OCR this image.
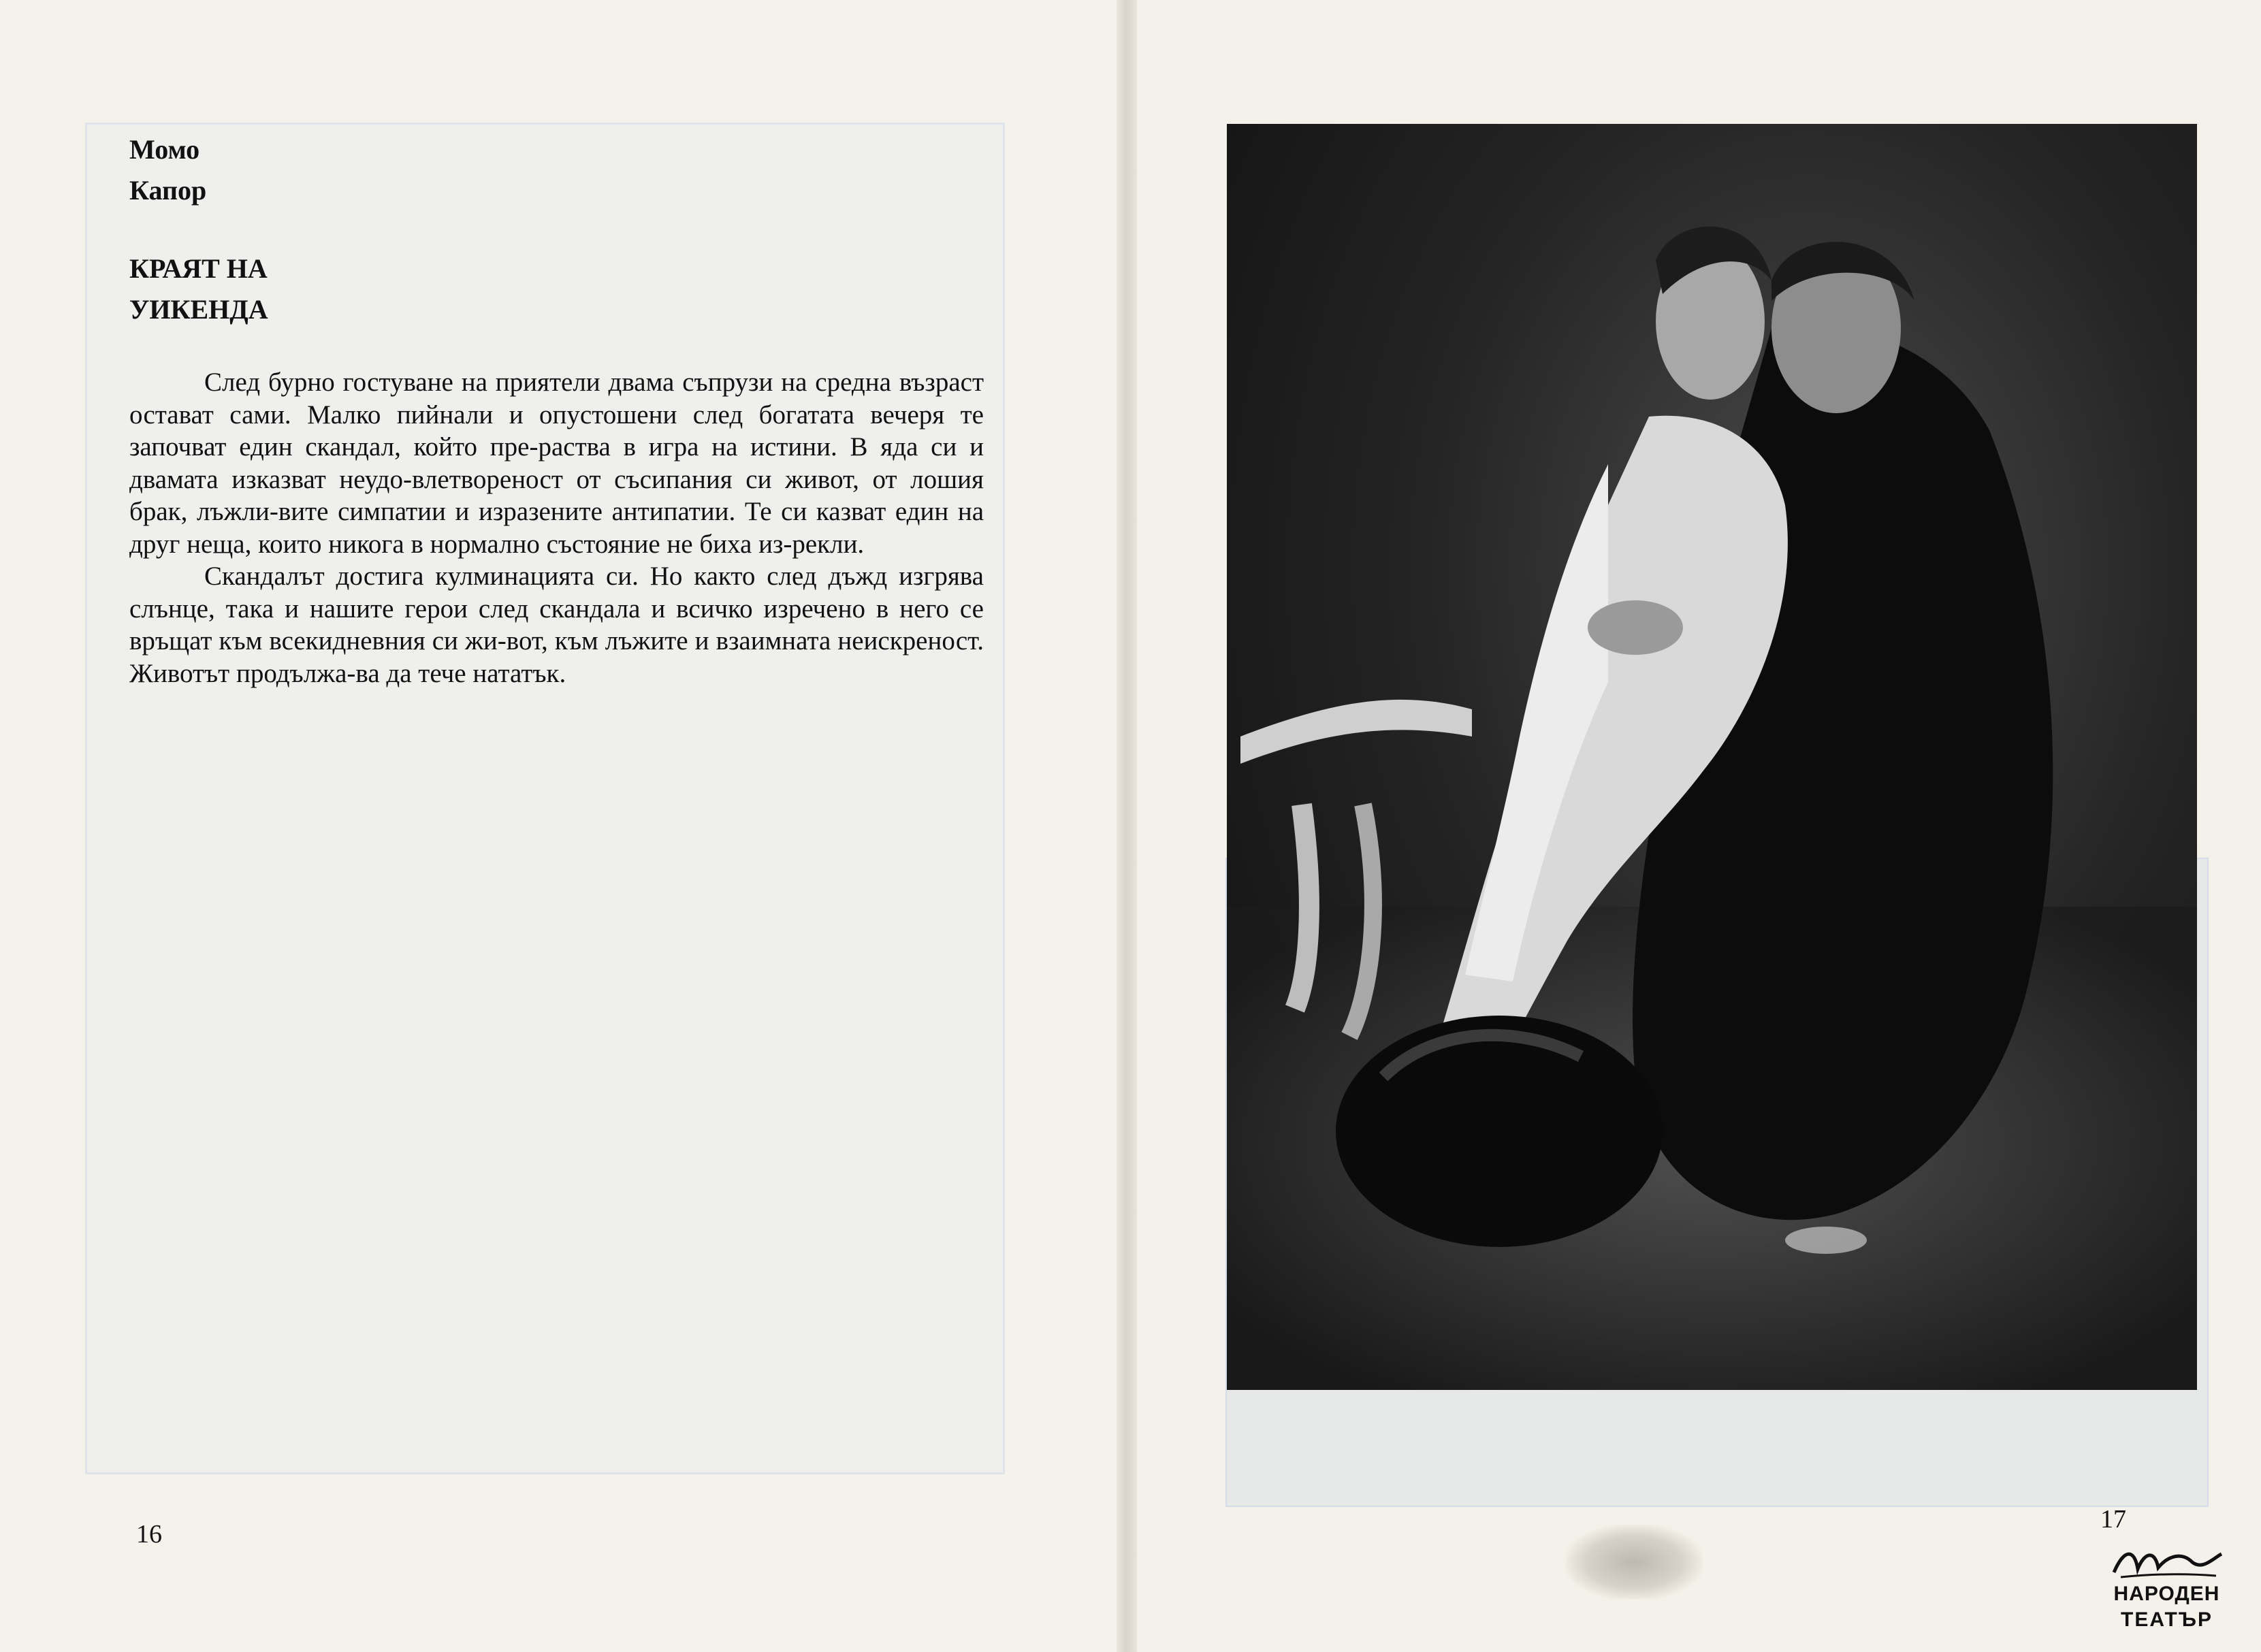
Момо
Капор
КРАЯТ НА
УИКЕНДА

След бурно гостуване на приятели двама съпрузи на средна възраст остават сами. Малко пийнали и опустошени след богатата вечеря те започват един скандал, който пре-раства в игра на истини. В яда си и двамата изказват неудо-влетвореност от съсипания си живот, от лошия брак, лъжли-вите симпатии и изразените антипатии. Те си казват един на друг неща, които никога в нормално състояние не биха из-рекли.

Скандалът достига кулминацията си. Но както след дъжд изгрява слънце, така и нашите герои след скандала и всичко изречено в него се връщат към всекидневния си жи-вот, към лъжите и взаимната неискреност. Животът продължа-ва да тече нататък.

16
17
НАРОДЕН
ТЕАТЪР
